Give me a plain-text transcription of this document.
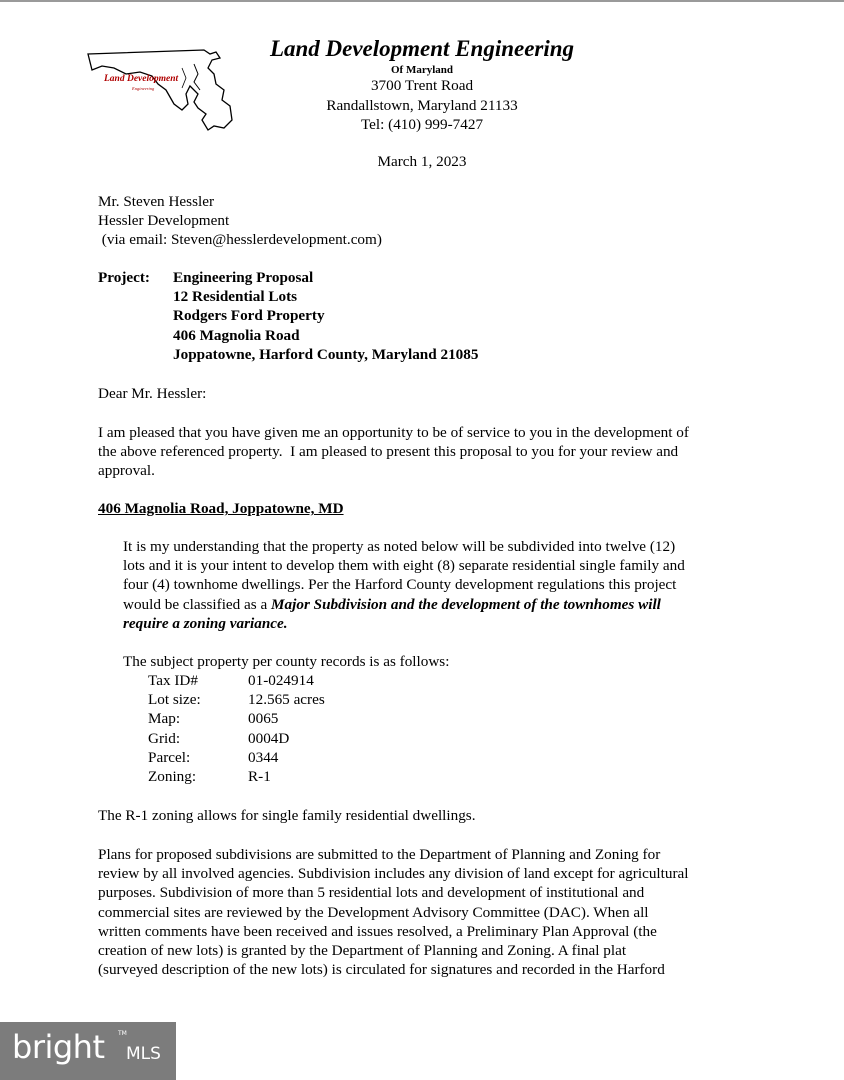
Land Development
Engineering
Land Development Engineering
Of Maryland
3700 Trent Road
Randallstown, Maryland 21133
Tel: (410) 999-7427
March 1, 2023
Mr. Steven Hessler
Hessler Development
(via email: Steven@hesslerdevelopment.com)
Project: Engineering Proposal
12 Residential Lots
Rodgers Ford Property
406 Magnolia Road
Joppatowne, Harford County, Maryland 21085
Dear Mr. Hessler:
I am pleased that you have given me an opportunity to be of service to you in the development of
the above referenced property.  I am pleased to present this proposal to you for your review and
approval.
406 Magnolia Road, Joppatowne, MD
It is my understanding that the property as noted below will be subdivided into twelve (12)
lots and it is your intent to develop them with eight (8) separate residential single family and
four (4) townhome dwellings. Per the Harford County development regulations this project
would be classified as a Major Subdivision and the development of the townhomes will
require a zoning variance.
The subject property per county records is as follows:
Tax ID#	01-024914
Lot size:	12.565 acres
Map:	0065
Grid:	0004D
Parcel:	0344
Zoning:	R-1
The R-1 zoning allows for single family residential dwellings.
Plans for proposed subdivisions are submitted to the Department of Planning and Zoning for
review by all involved agencies. Subdivision includes any division of land except for agricultural
purposes. Subdivision of more than 5 residential lots and development of institutional and
commercial sites are reviewed by the Development Advisory Committee (DAC). When all
written comments have been received and issues resolved, a Preliminary Plan Approval (the
creation of new lots) is granted by the Department of Planning and Zoning. A final plat
(surveyed description of the new lots) is circulated for signatures and recorded in the Harford
bright TM
MLS
